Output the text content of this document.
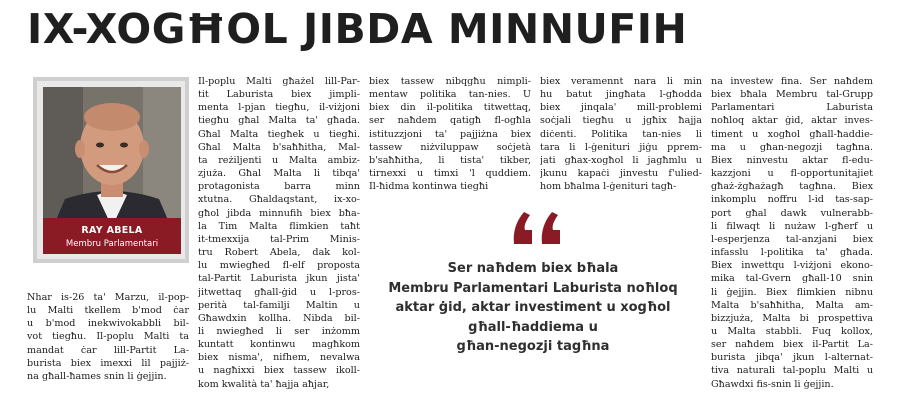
IX-XOGĦOL JIBDA MINNUFIH
RAY ABELA
Membru Parlamentari
Nhar is-26 ta' Marzu, il-pop-
lu Malti tkellem b'mod ċar
u b'mod inekwivokabbli bil-
vot tiegħu. Il-poplu Malti ta
mandat ċar lill-Partit La-
burista biex imexxi lil pajjiż-
na għall-ħames snin li ġejjin.
Il-poplu Malti għażel lill-Par-
tit Laburista biex jimpli-
menta l-pjan tiegħu, il-viżjoni
tiegħu għal Malta ta' għada.
Għal Malta tiegħek u tiegħi.
Għal Malta b'saħħitha, Mal-
ta reżiljenti u Malta ambiz-
zjuża. Għal Malta li tibqa'
protagonista barra minn
xtutna. Għaldaqstant, ix-xo-
għol jibda minnufih biex bħa-
la Tim Malta flimkien taħt
it-tmexxija tal-Prim Minis-
tru Robert Abela, dak kol-
lu mwiegħed fl-elf proposta
tal-Partit Laburista jkun jista'
jitwettaq għall-ġid u l-pros-
perità tal-familji Maltin u
Għawdxin kollha. Nibda bil-
li nwiegħed li ser inżomm
kuntatt kontinwu magħkom
biex nisma', nifhem, nevalwa
u nagħixxi biex tassew ikoll-
kom kwalità ta' ħajja aħjar,
biex tassew nibqgħu nimpli-
mentaw politika tan-nies. U
biex din il-politika titwettaq,
ser naħdem qatigħ fl-ogħla
istituzzjoni ta' pajjiżna biex
tassew niżviluppaw soċjetà
b'saħħitha, li tista' tikber,
tirnexxi u timxi 'l quddiem.
Il-ħidma kontinwa tiegħi
biex veramennt nara li min
hu batut jingħata l-għodda
biex jinqala' mill-problemi
soċjali tiegħu u jgħix ħajja
diċenti. Politika tan-nies li
tara li l-ġenituri jiġu pprem-
jati għax-xogħol li jagħmlu u
jkunu kapaċi jinvestu f'ulied-
hom bħalma l-ġenituri tagħ-
na investew fina. Ser naħdem
biex bħala Membru tal-Grupp
Parlamentari Laburista
noħloq aktar ġid, aktar inves-
timent u xogħol għall-ħaddie-
ma u għan-negozji tagħna.
Biex ninvestu aktar fl-edu-
kazzjoni u fl-opportunitajiet
għaż-żgħażagħ tagħna. Biex
inkomplu noffru l-id tas-sap-
port għal dawk vulnerabb-
li filwaqt li nużaw l-għerf u
l-esperjenza tal-anzjani biex
infasslu l-politika ta' għada.
Biex inwettqu l-viżjoni ekono-
mika tal-Gvern għall-10 snin
li ġejjin. Biex flimkien nibnu
Malta b'saħħitha, Malta am-
bizzjuża, Malta bi prospettiva
u Malta stabbli. Fuq kollox,
ser naħdem biex il-Partit La-
burista jibqa' jkun l-alternat-
tiva naturali tal-poplu Malti u
Għawdxi fis-snin li ġejjin.
Ser naħdem biex bħala
Membru Parlamentari Laburista noħloq
aktar ġid, aktar investiment u xogħol
għall-ħaddiema u
għan-negozji tagħna
